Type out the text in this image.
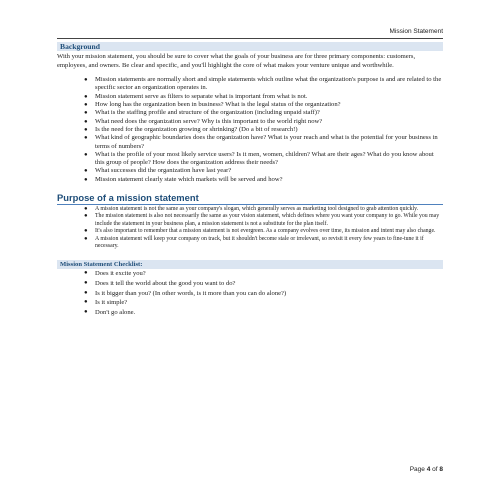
Mission Statement
Background

With your mission statement, you should be sure to cover what the goals of your business are for three primary components: customers, employees, and owners. Be clear and specific, and you'll highlight the core of what makes your venture unique and worthwhile.

● Mission statements are normally short and simple statements which outline what the organization's purpose is and are related to the specific sector an organization operates in.
● Mission statement serve as filters to separate what is important from what is not.
● How long has the organization been in business? What is the legal status of the organization?
● What is the staffing profile and structure of the organization (including unpaid staff)?
● What need does the organization serve? Why is this important to the world right now?
● Is the need for the organization growing or shrinking? (Do a bit of research!)
● What kind of geographic boundaries does the organization have? What is your reach and what is the potential for your business in terms of numbers?
● What is the profile of your most likely service users? Is it men, women, children? What are their ages? What do you know about this group of people? How does the organization address their needs?
● What successes did the organization have last year?
● Mission statement clearly state which markets will be served and how?
Purpose of a mission statement
● A mission statement is not the same as your company's slogan, which generally serves as marketing tool designed to grab attention quickly.
● The mission statement is also not necessarily the same as your vision statement, which defines where you want your company to go. While you may include the statement in your business plan, a mission statement is not a substitute for the plan itself.
● It's also important to remember that a mission statement is not evergreen. As a company evolves over time, its mission and intent may also change.
● A mission statement will keep your company on track, but it shouldn't become stale or irrelevant, so revisit it every few years to fine-tune it if necessary.
Mission Statement Checklist:
● Does it excite you?
● Does it tell the world about the good you want to do?
● Is it bigger than you? (In other words, is it more than you can do alone?)
● Is it simple?
● Don't go alone.
Page 4 of 8
